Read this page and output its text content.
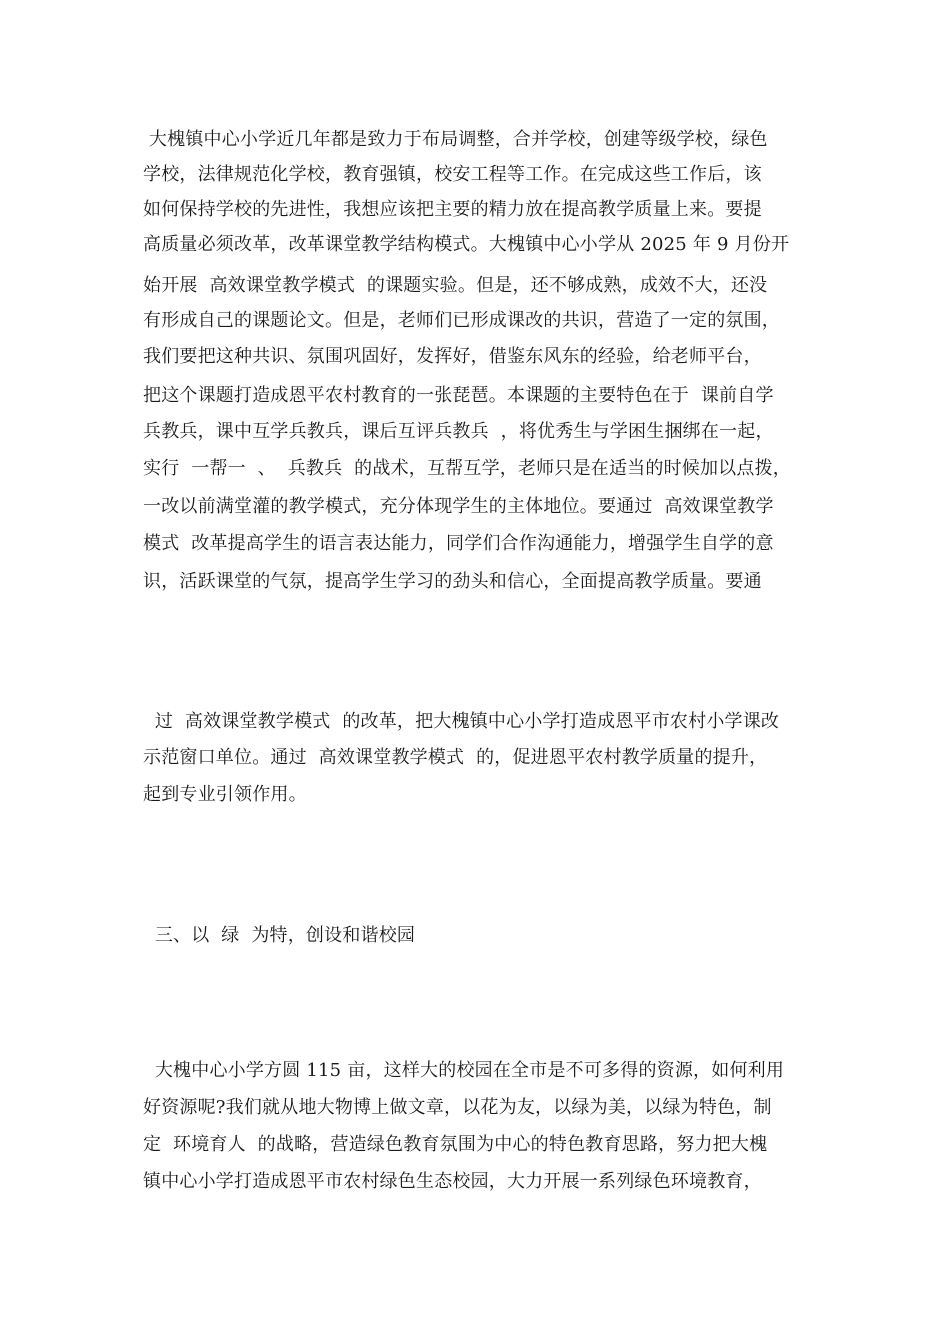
大槐镇中心小学近几年都是致力于布局调整，合并学校，创建等级学校，绿色
学校，法律规范化学校，教育强镇，校安工程等工作。在完成这些工作后，该
如何保持学校的先进性，我想应该把主要的精力放在提高教学质量上来。要提
高质量必须改革，改革课堂教学结构模式。大槐镇中心小学从 2025 年 9 月份开
始开展  高效课堂教学模式  的课题实验。但是，还不够成熟，成效不大，还没
有形成自己的课题论文。但是，老师们已形成课改的共识，营造了一定的氛围，
我们要把这种共识、氛围巩固好，发挥好，借鉴东风东的经验，给老师平台，
把这个课题打造成恩平农村教育的一张琵琶。本课题的主要特色在于  课前自学
兵教兵，课中互学兵教兵，课后互评兵教兵  ，将优秀生与学困生捆绑在一起，
实行  一帮一  、  兵教兵  的战术，互帮互学，老师只是在适当的时候加以点拨，
一改以前满堂灌的教学模式，充分体现学生的主体地位。要通过  高效课堂教学
模式  改革提高学生的语言表达能力，同学们合作沟通能力，增强学生自学的意
识，活跃课堂的气氛，提高学生学习的劲头和信心，全面提高教学质量。要通
过  高效课堂教学模式  的改革，把大槐镇中心小学打造成恩平市农村小学课改
示范窗口单位。通过  高效课堂教学模式  的，促进恩平农村教学质量的提升，
起到专业引领作用。
三、以  绿  为特，创设和谐校园
大槐中心小学方圆 115 亩，这样大的校园在全市是不可多得的资源，如何利用
好资源呢?我们就从地大物博上做文章，以花为友，以绿为美，以绿为特色，制
定  环境育人  的战略，营造绿色教育氛围为中心的特色教育思路，努力把大槐
镇中心小学打造成恩平市农村绿色生态校园，大力开展一系列绿色环境教育，
